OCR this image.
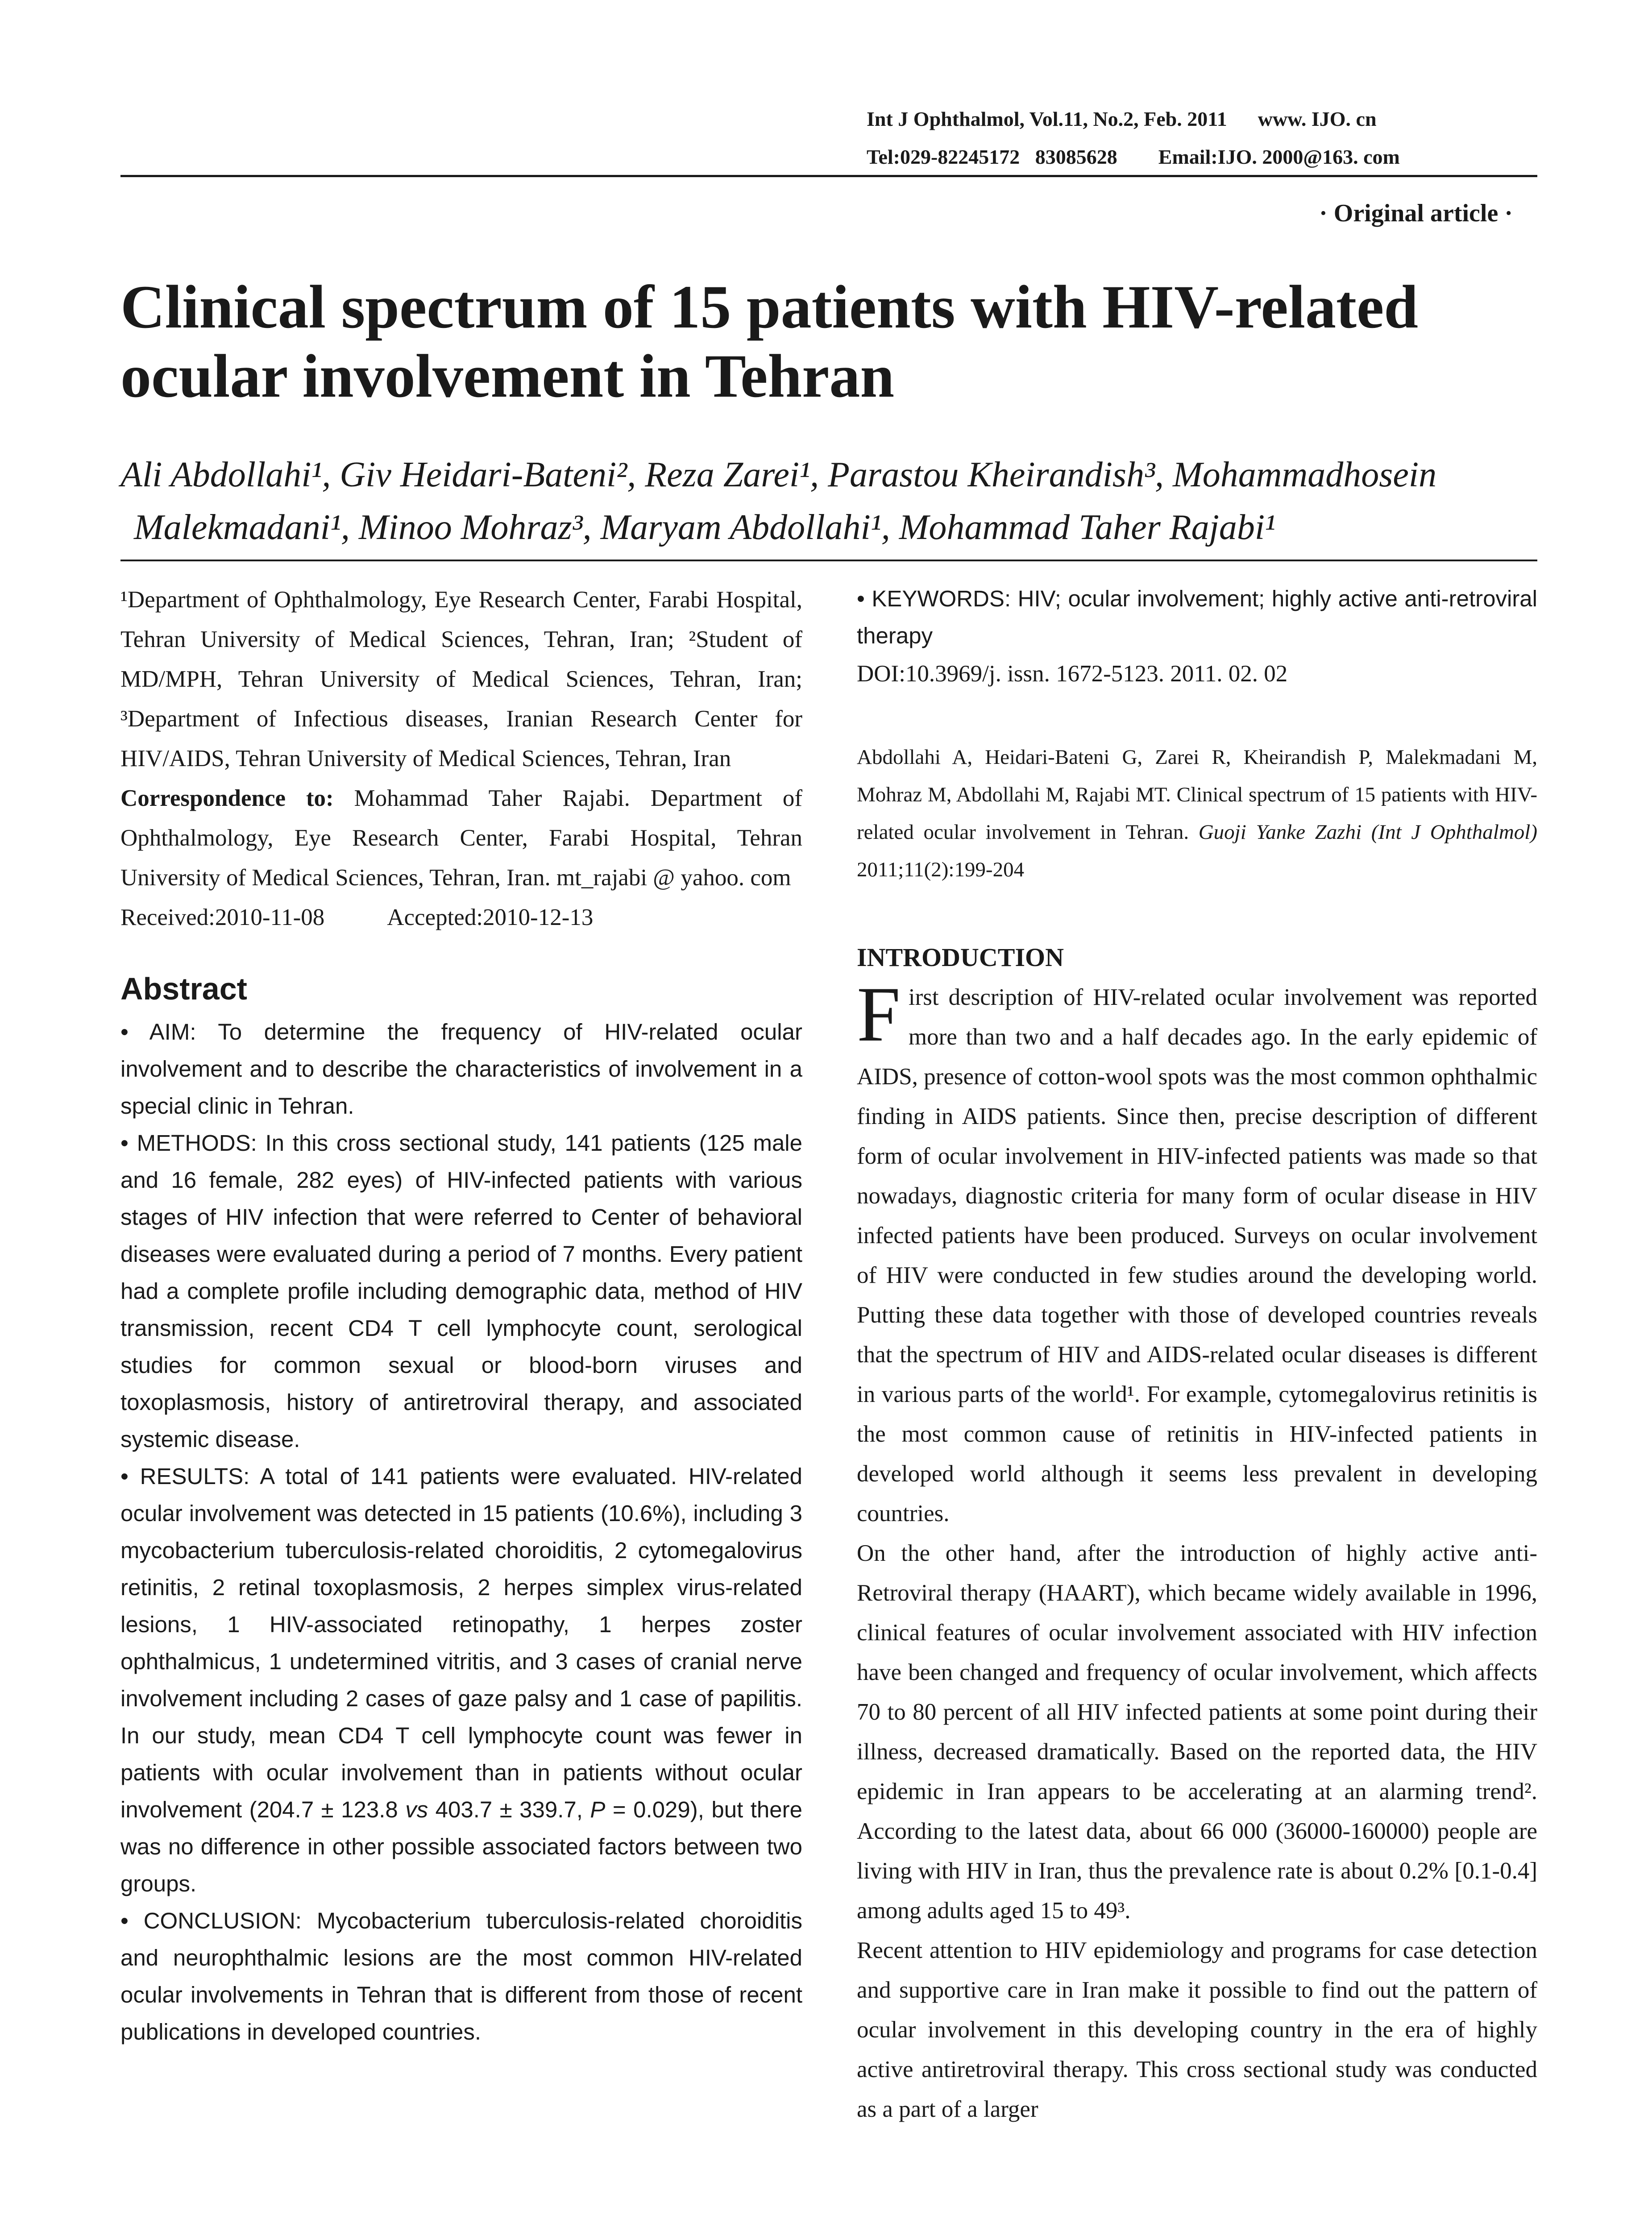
Int J Ophthalmol, Vol.11, No.2, Feb. 2011      www. IJO. cn
Tel:029-82245172   83085628        Email:IJO. 2000@163. com
· Original article ·
Clinical spectrum of 15 patients with HIV-related ocular involvement in Tehran

Ali Abdollahi¹, Giv Heidari-Bateni², Reza Zarei¹, Parastou Kheirandish³, Mohammadhosein
Malekmadani¹, Minoo Mohraz³, Maryam Abdollahi¹, Mohammad Taher Rajabi¹

¹Department of Ophthalmology, Eye Research Center, Farabi Hospital, Tehran University of Medical Sciences, Tehran, Iran; ²Student of MD/MPH, Tehran University of Medical Sciences, Tehran, Iran; ³Department of Infectious diseases, Iranian Research Center for HIV/AIDS, Tehran University of Medical Sciences, Tehran, Iran

Correspondence to: Mohammad Taher Rajabi. Department of Ophthalmology, Eye Research Center, Farabi Hospital, Tehran University of Medical Sciences, Tehran, Iran. mt_rajabi @ yahoo. com

Received:2010-11-08	Accepted:2010-12-13

Abstract

• AIM: To determine the frequency of HIV-related ocular involvement and to describe the characteristics of involvement in a special clinic in Tehran.

• METHODS: In this cross sectional study, 141 patients (125 male and 16 female, 282 eyes) of HIV-infected patients with various stages of HIV infection that were referred to Center of behavioral diseases were evaluated during a period of 7 months. Every patient had a complete profile including demographic data, method of HIV transmission, recent CD4 T cell lymphocyte count, serological studies for common sexual or blood-born viruses and toxoplasmosis, history of antiretroviral therapy, and associated systemic disease.

• RESULTS: A total of 141 patients were evaluated. HIV-related ocular involvement was detected in 15 patients (10.6%), including 3 mycobacterium tuberculosis-related choroiditis, 2 cytomegalovirus retinitis, 2 retinal toxoplasmosis, 2 herpes simplex virus-related lesions, 1 HIV-associated retinopathy, 1 herpes zoster ophthalmicus, 1 undetermined vitritis, and 3 cases of cranial nerve involvement including 2 cases of gaze palsy and 1 case of papilitis. In our study, mean CD4 T cell lymphocyte count was fewer in patients with ocular involvement than in patients without ocular involvement (204.7 ± 123.8 vs 403.7 ± 339.7, P = 0.029), but there was no difference in other possible associated factors between two groups.

• CONCLUSION: Mycobacterium tuberculosis-related choroiditis and neurophthalmic lesions are the most common HIV-related ocular involvements in Tehran that is different from those of recent publications in developed countries.

• KEYWORDS: HIV; ocular involvement; highly active anti-retroviral therapy

DOI:10.3969/j. issn. 1672-5123. 2011. 02. 02

Abdollahi A, Heidari-Bateni G, Zarei R, Kheirandish P, Malekmadani M, Mohraz M, Abdollahi M, Rajabi MT. Clinical spectrum of 15 patients with HIV-related ocular involvement in Tehran. Guoji Yanke Zazhi (Int J Ophthalmol) 2011;11(2):199-204

INTRODUCTION

First description of HIV-related ocular involvement was reported more than two and a half decades ago. In the early epidemic of AIDS, presence of cotton-wool spots was the most common ophthalmic finding in AIDS patients. Since then, precise description of different form of ocular involvement in HIV-infected patients was made so that nowadays, diagnostic criteria for many form of ocular disease in HIV infected patients have been produced. Surveys on ocular involvement of HIV were conducted in few studies around the developing world. Putting these data together with those of developed countries reveals that the spectrum of HIV and AIDS-related ocular diseases is different in various parts of the world¹. For example, cytomegalovirus retinitis is the most common cause of retinitis in HIV-infected patients in developed world although it seems less prevalent in developing countries.

On the other hand, after the introduction of highly active anti-Retroviral therapy (HAART), which became widely available in 1996, clinical features of ocular involvement associated with HIV infection have been changed and frequency of ocular involvement, which affects 70 to 80 percent of all HIV infected patients at some point during their illness, decreased dramatically. Based on the reported data, the HIV epidemic in Iran appears to be accelerating at an alarming trend². According to the latest data, about 66 000 (36000-160000) people are living with HIV in Iran, thus the prevalence rate is about 0.2% [0.1-0.4] among adults aged 15 to 49³.

Recent attention to HIV epidemiology and programs for case detection and supportive care in Iran make it possible to find out the pattern of ocular involvement in this developing country in the era of highly active antiretroviral therapy. This cross sectional study was conducted as a part of a larger
